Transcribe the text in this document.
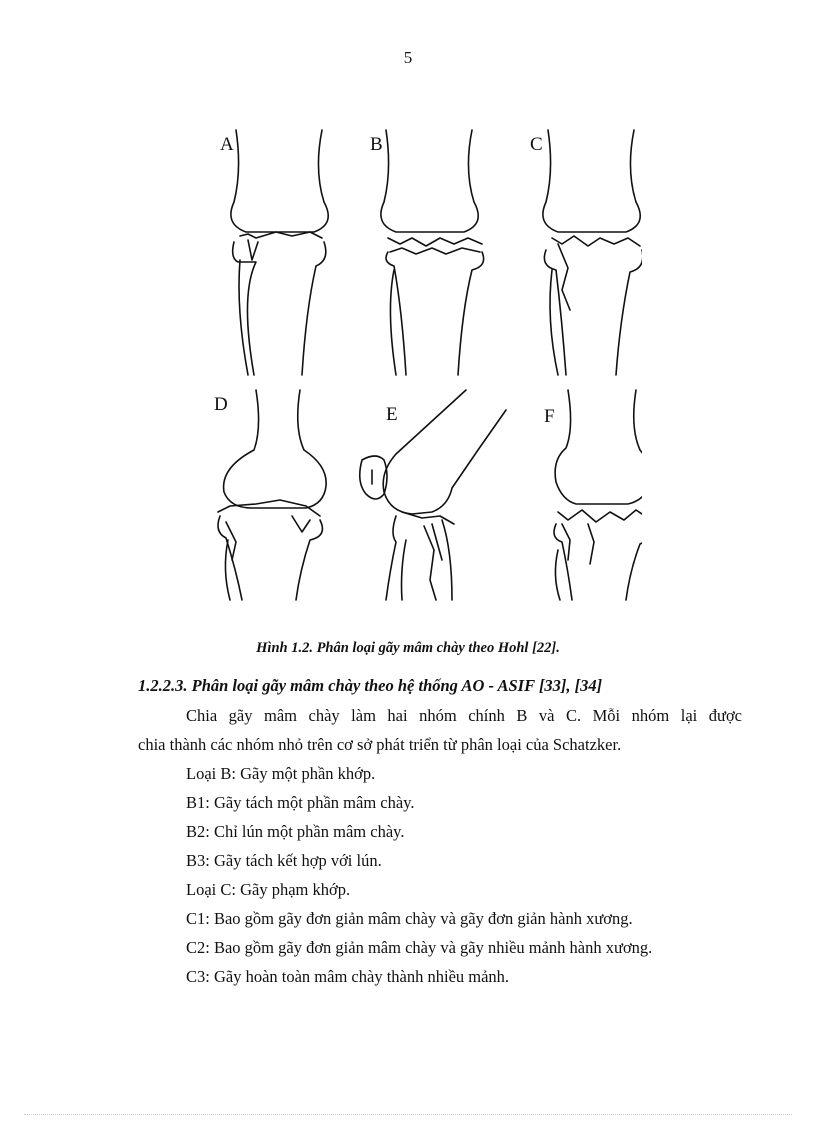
5
A	B	C
D	E	F
Hình 1.2. Phân loại gãy mâm chày theo Hohl [22].
1.2.2.3. Phân loại gãy mâm chày theo hệ thống AO - ASIF [33], [34]
Chia gãy mâm chày làm hai nhóm chính B và C. Mỗi nhóm lại được
chia thành các nhóm nhỏ trên cơ sở phát triển từ phân loại của Schatzker.
Loại B: Gãy một phần khớp.
B1: Gãy tách một phần mâm chày.
B2: Chỉ lún một phần mâm chày.
B3: Gãy tách kết hợp với lún.
Loại C: Gãy phạm khớp.
C1: Bao gồm gãy đơn giản mâm chày và gãy đơn giản hành xương.
C2: Bao gồm gãy đơn giản mâm chày và gãy nhiều mảnh hành xương.
C3: Gãy hoàn toàn mâm chày thành nhiều mảnh.
